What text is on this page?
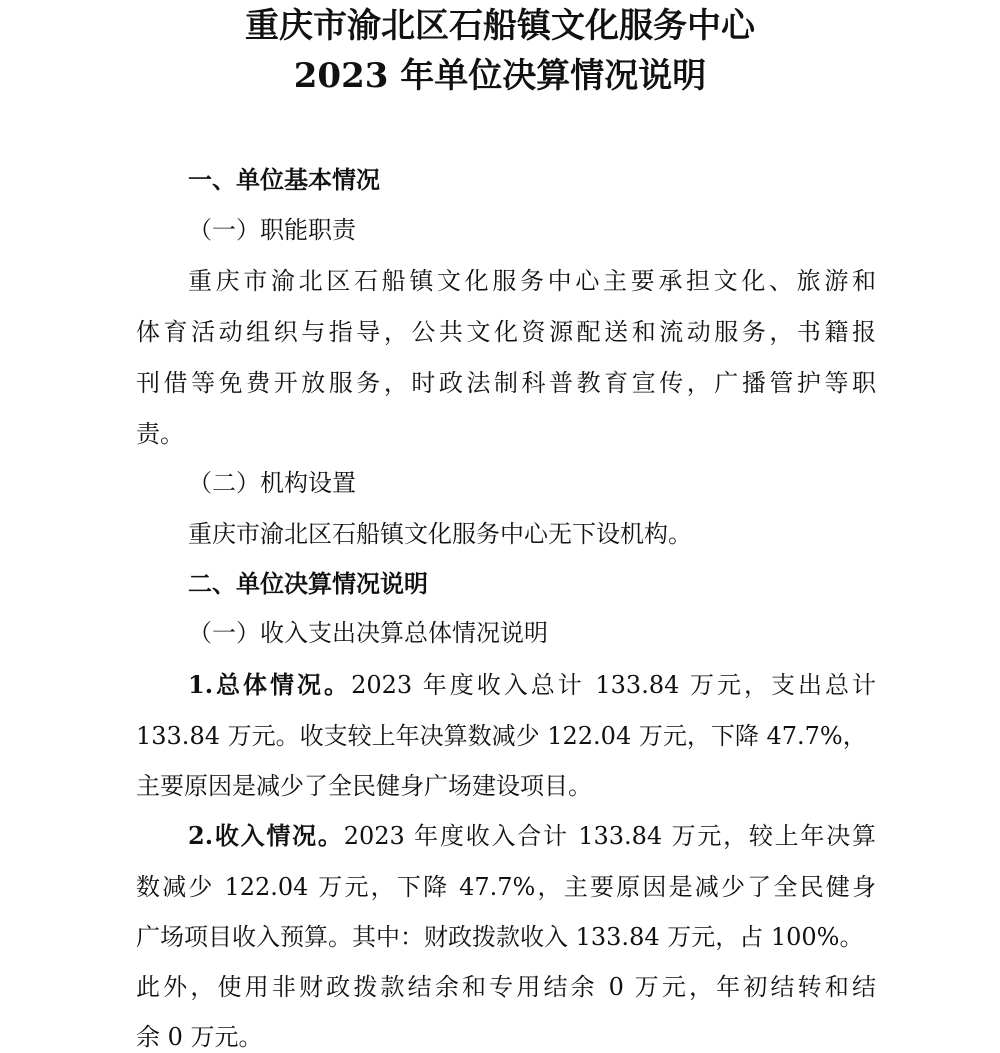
重庆市渝北区石船镇文化服务中心
2023 年单位决算情况说明
一、单位基本情况
（一）职能职责
重庆市渝北区石船镇文化服务中心主要承担文化、旅游和
体育活动组织与指导，公共文化资源配送和流动服务，书籍报
刊借等免费开放服务，时政法制科普教育宣传，广播管护等职
责。
（二）机构设置
重庆市渝北区石船镇文化服务中心无下设机构。
二、单位决算情况说明
（一）收入支出决算总体情况说明
1.总体情况。2023 年度收入总计 133.84 万元，支出总计
133.84 万元。收支较上年决算数减少 122.04 万元，下降 47.7%，
主要原因是减少了全民健身广场建设项目。
2.收入情况。2023 年度收入合计 133.84 万元，较上年决算
数减少 122.04 万元，下降 47.7%，主要原因是减少了全民健身
广场项目收入预算。其中：财政拨款收入 133.84 万元，占 100%。
此外，使用非财政拨款结余和专用结余 0 万元，年初结转和结
余 0 万元。
